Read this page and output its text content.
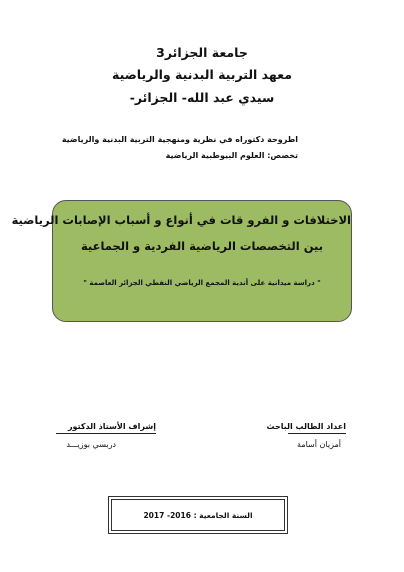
جامعة الجزائر3
معهد التربية البدنية والرياضية
سيدي عبد الله- الجزائر-
اطروحة دكتوراه في نظرية ومنهجية التربية البدنية والرياضية
تخصص: العلوم البيوطبية الرياضية
الاختلافات و الفرو قات في أنواع و أسباب الإصابات الرياضية
بين التخصصات الرياضية الفردية و الجماعية
" دراسة ميدانية على أندية المجمع الرياضي النفطي الجزائر العاصمة "
اعداد الطالب الباحث
أمزيان أسامة
إشراف الأستاذ الدكتور
دربسي بوزيـــد
السنة الجامعية : 2016- 2017
